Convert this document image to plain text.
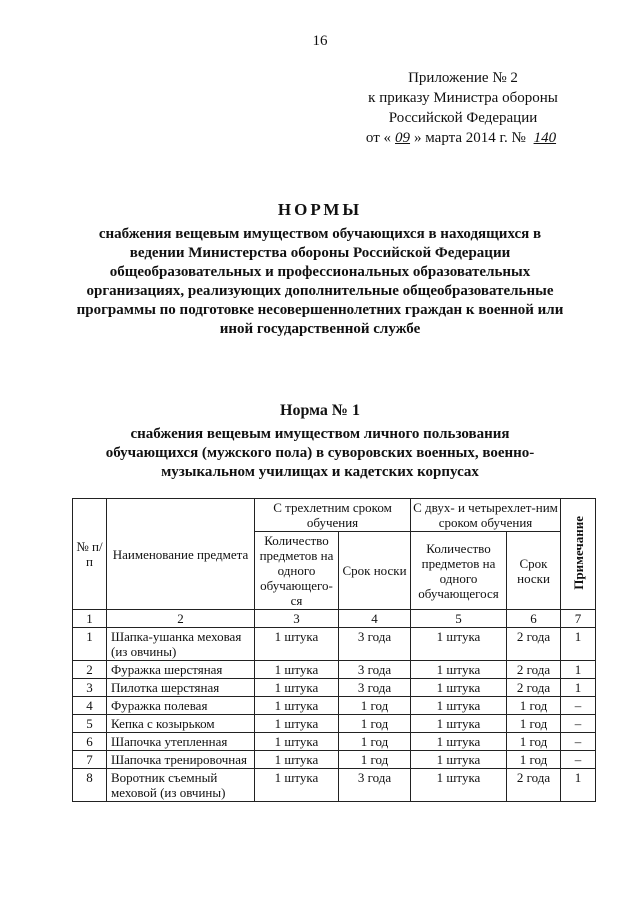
16
Приложение № 2
к приказу Министра обороны
Российской Федерации
от « 09 » марта 2014 г. № 140
НОРМЫ
снабжения вещевым имуществом обучающихся в находящихся в ведении Министерства обороны Российской Федерации общеобразовательных и профессиональных образовательных организациях, реализующих дополнительные общеобразовательные программы по подготовке несовершеннолетних граждан к военной или иной государственной службе
Норма № 1
снабжения вещевым имуществом личного пользования обучающихся (мужского пола) в суворовских военных, военно-музыкальном училищах и кадетских корпусах
№ п/п	Наименование предмета	С трехлетним сроком обучения		С двух- и четырехлет-ним сроком обучения		Примечание
		Количество предметов на одного обучающего-ся	Срок носки	Количество предметов на одного обучающегося	Срок носки	
1	2	3	4	5	6	7
1	Шапка-ушанка меховая (из овчины)	1 штука	3 года	1 штука	2 года	1
2	Фуражка шерстяная	1 штука	3 года	1 штука	2 года	1
3	Пилотка шерстяная	1 штука	3 года	1 штука	2 года	1
4	Фуражка полевая	1 штука	1 год	1 штука	1 год	–
5	Кепка с козырьком	1 штука	1 год	1 штука	1 год	–
6	Шапочка утепленная	1 штука	1 год	1 штука	1 год	–
7	Шапочка тренировочная	1 штука	1 год	1 штука	1 год	–
8	Воротник съемный меховой (из овчины)	1 штука	3 года	1 штука	2 года	1
